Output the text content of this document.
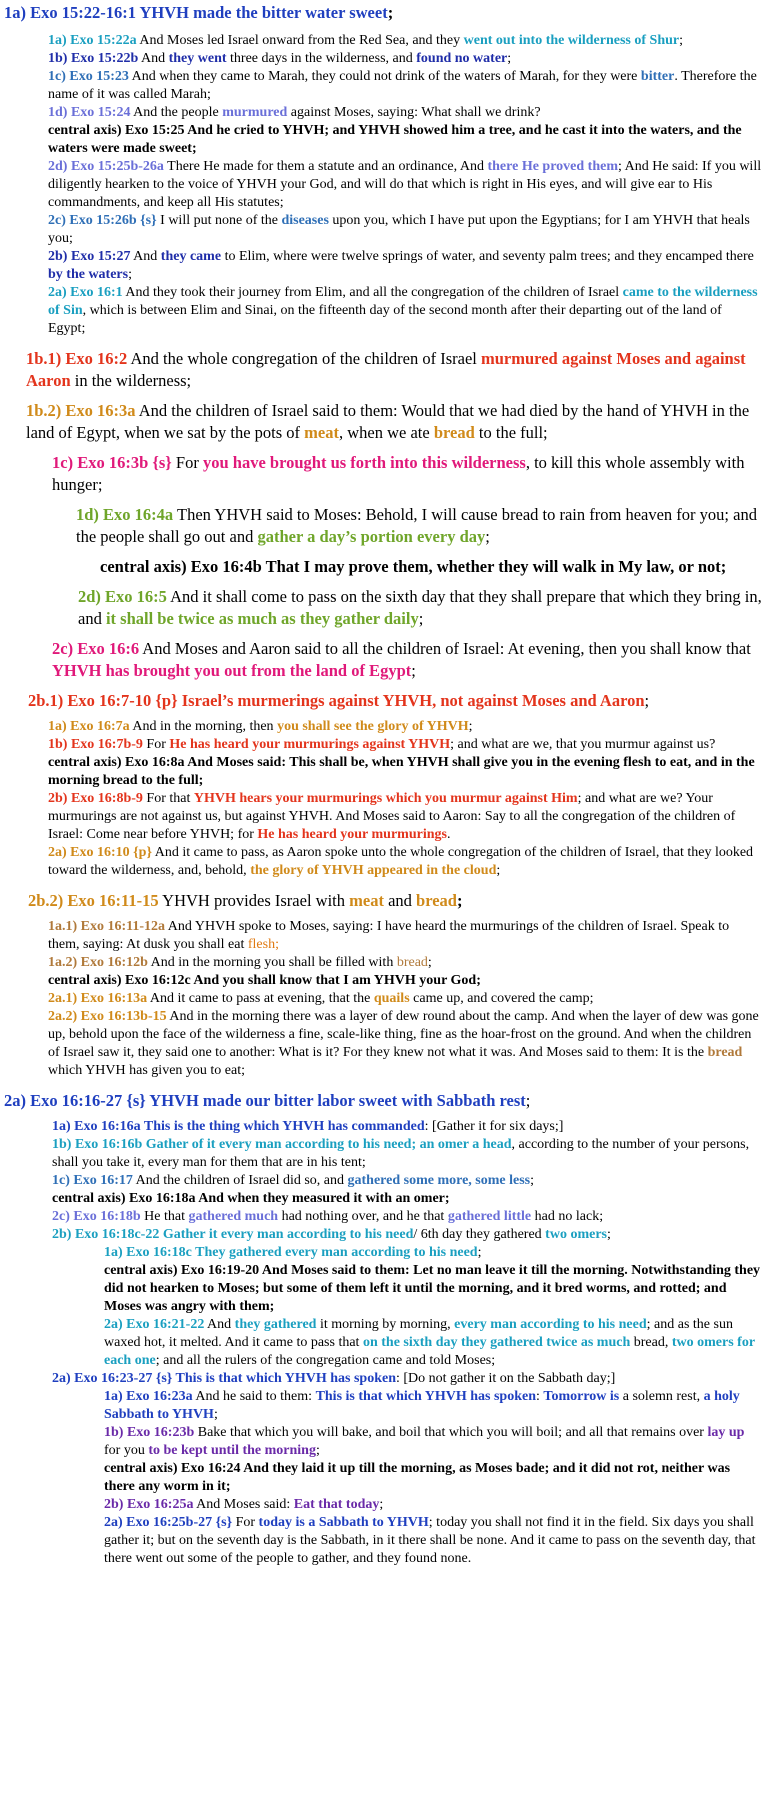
1a) Exo 15:22-16:1 YHVH made the bitter water sweet;

1a) Exo 15:22a And Moses led Israel onward from the Red Sea, and they went out into the wilderness of Shur;

1b) Exo 15:22b And they went three days in the wilderness, and found no water;

1c) Exo 15:23 And when they came to Marah, they could not drink of the waters of Marah, for they were bitter. Therefore the name of it was called Marah;

1d) Exo 15:24 And the people murmured against Moses, saying: What shall we drink?

central axis) Exo 15:25 And he cried to YHVH; and YHVH showed him a tree, and he cast it into the waters, and the waters were made sweet;

2d) Exo 15:25b-26a There He made for them a statute and an ordinance, And there He proved them; And He said: If you will diligently hearken to the voice of YHVH your God, and will do that which is right in His eyes, and will give ear to His commandments, and keep all His statutes;

2c) Exo 15:26b {s} I will put none of the diseases upon you, which I have put upon the Egyptians; for I am YHVH that heals you;

2b) Exo 15:27 And they came to Elim, where were twelve springs of water, and seventy palm trees; and they encamped there by the waters;

2a) Exo 16:1 And they took their journey from Elim, and all the congregation of the children of Israel came to the wilderness of Sin, which is between Elim and Sinai, on the fifteenth day of the second month after their departing out of the land of Egypt;

1b.1) Exo 16:2 And the whole congregation of the children of Israel murmured against Moses and against Aaron in the wilderness;

1b.2) Exo 16:3a And the children of Israel said to them: Would that we had died by the hand of YHVH in the land of Egypt, when we sat by the pots of meat, when we ate bread to the full;

1c) Exo 16:3b {s} For you have brought us forth into this wilderness, to kill this whole assembly with hunger;

1d) Exo 16:4a Then YHVH said to Moses: Behold, I will cause bread to rain from heaven for you; and the people shall go out and gather a day’s portion every day;

central axis) Exo 16:4b That I may prove them, whether they will walk in My law, or not;

2d) Exo 16:5 And it shall come to pass on the sixth day that they shall prepare that which they bring in, and it shall be twice as much as they gather daily;

2c) Exo 16:6 And Moses and Aaron said to all the children of Israel: At evening, then you shall know that YHVH has brought you out from the land of Egypt;

2b.1) Exo 16:7-10 {p} Israel’s murmerings against YHVH, not against Moses and Aaron;

1a) Exo 16:7a And in the morning, then you shall see the glory of YHVH;

1b) Exo 16:7b-9 For He has heard your murmurings against YHVH; and what are we, that you murmur against us?

central axis) Exo 16:8a And Moses said: This shall be, when YHVH shall give you in the evening flesh to eat, and in the morning bread to the full;

2b) Exo 16:8b-9 For that YHVH hears your murmurings which you murmur against Him; and what are we? Your murmurings are not against us, but against YHVH. And Moses said to Aaron: Say to all the congregation of the children of Israel: Come near before YHVH; for He has heard your murmurings.

2a) Exo 16:10 {p} And it came to pass, as Aaron spoke unto the whole congregation of the children of Israel, that they looked toward the wilderness, and, behold, the glory of YHVH appeared in the cloud;

2b.2) Exo 16:11-15 YHVH provides Israel with meat and bread;

1a.1) Exo 16:11-12a And YHVH spoke to Moses, saying: I have heard the murmurings of the children of Israel. Speak to them, saying: At dusk you shall eat flesh;

1a.2) Exo 16:12b And in the morning you shall be filled with bread;

central axis) Exo 16:12c And you shall know that I am YHVH your God;

2a.1) Exo 16:13a And it came to pass at evening, that the quails came up, and covered the camp;

2a.2) Exo 16:13b-15 And in the morning there was a layer of dew round about the camp. And when the layer of dew was gone up, behold upon the face of the wilderness a fine, scale-like thing, fine as the hoar-frost on the ground. And when the children of Israel saw it, they said one to another: What is it? For they knew not what it was. And Moses said to them: It is the bread which YHVH has given you to eat;

2a) Exo 16:16-27 {s} YHVH made our bitter labor sweet with Sabbath rest;

1a) Exo 16:16a This is the thing which YHVH has commanded: [Gather it for six days;]

1b) Exo 16:16b Gather of it every man according to his need; an omer a head, according to the number of your persons, shall you take it, every man for them that are in his tent;

1c) Exo 16:17 And the children of Israel did so, and gathered some more, some less;

central axis) Exo 16:18a And when they measured it with an omer;

2c) Exo 16:18b He that gathered much had nothing over, and he that gathered little had no lack;

2b) Exo 16:18c-22 Gather it every man according to his need/ 6th day they gathered two omers;

1a) Exo 16:18c They gathered every man according to his need;

central axis) Exo 16:19-20 And Moses said to them: Let no man leave it till the morning. Notwithstanding they did not hearken to Moses; but some of them left it until the morning, and it bred worms, and rotted; and Moses was angry with them;

2a) Exo 16:21-22 And they gathered it morning by morning, every man according to his need; and as the sun waxed hot, it melted. And it came to pass that on the sixth day they gathered twice as much bread, two omers for each one; and all the rulers of the congregation came and told Moses;

2a) Exo 16:23-27 {s} This is that which YHVH has spoken: [Do not gather it on the Sabbath day;]

1a) Exo 16:23a And he said to them: This is that which YHVH has spoken: Tomorrow is a solemn rest, a holy Sabbath to YHVH;

1b) Exo 16:23b Bake that which you will bake, and boil that which you will boil; and all that remains over lay up for you to be kept until the morning;

central axis) Exo 16:24 And they laid it up till the morning, as Moses bade; and it did not rot, neither was there any worm in it;

2b) Exo 16:25a And Moses said: Eat that today;

2a) Exo 16:25b-27 {s} For today is a Sabbath to YHVH; today you shall not find it in the field. Six days you shall gather it; but on the seventh day is the Sabbath, in it there shall be none. And it came to pass on the seventh day, that there went out some of the people to gather, and they found none.
